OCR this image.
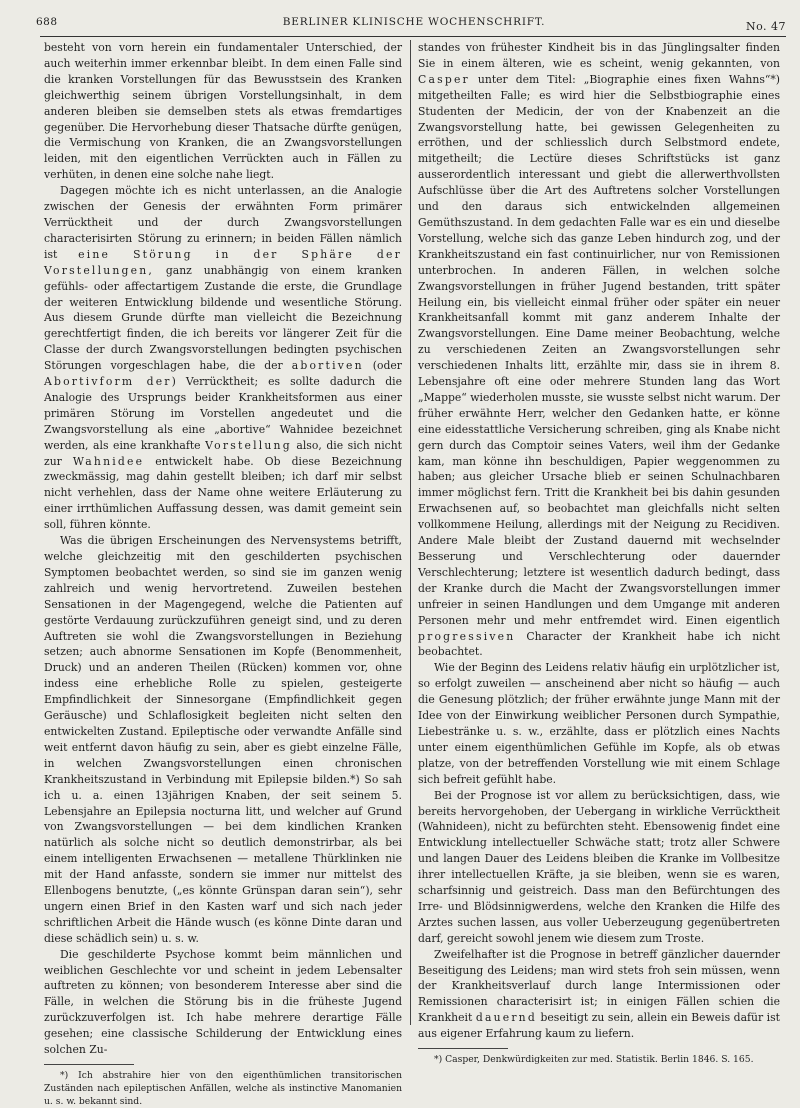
688	BERLINER KLINISCHE WOCHENSCHRIFT.	No. 47

besteht von vorn herein ein fundamentaler Unterschied, der auch weiterhin immer erkennbar bleibt. In dem einen Falle sind die kranken Vorstellungen für das Bewusstsein des Kranken gleichwerthig seinem übrigen Vorstellungsinhalt, in dem anderen bleiben sie demselben stets als etwas fremdartiges gegenüber. Die Hervorhebung dieser Thatsache dürfte genügen, die Vermischung von Kranken, die an Zwangsvorstellungen leiden, mit den eigentlichen Verrückten auch in Fällen zu verhüten, in denen eine solche nahe liegt.

Dagegen möchte ich es nicht unterlassen, an die Analogie zwischen der Genesis der erwähnten Form primärer Verrücktheit und der durch Zwangsvorstellungen characterisirten Störung zu erinnern; in beiden Fällen nämlich ist eine Störung in der Sphäre der Vorstellungen, ganz unabhängig von einem kranken gefühls- oder affectartigem Zustande die erste, die Grundlage der weiteren Entwicklung bildende und wesentliche Störung. Aus diesem Grunde dürfte man vielleicht die Bezeichnung gerechtfertigt finden, die ich bereits vor längerer Zeit für die Classe der durch Zwangsvorstellungen bedingten psychischen Störungen vorgeschlagen habe, die der abortiven (oder Abortivform der) Verrücktheit; es sollte dadurch die Analogie des Ursprungs beider Krankheitsformen aus einer primären Störung im Vorstellen angedeutet und die Zwangsvorstellung als eine „abortive“ Wahnidee bezeichnet werden, als eine krankhafte Vorstellung also, die sich nicht zur Wahnidee entwickelt habe. Ob diese Bezeichnung zweckmässig, mag dahin gestellt bleiben; ich darf mir selbst nicht verhehlen, dass der Name ohne weitere Erläuterung zu einer irrthümlichen Auffassung dessen, was damit gemeint sein soll, führen könnte.

Was die übrigen Erscheinungen des Nervensystems betrifft, welche gleichzeitig mit den geschilderten psychischen Symptomen beobachtet werden, so sind sie im ganzen wenig zahlreich und wenig hervortretend. Zuweilen bestehen Sensationen in der Magengegend, welche die Patienten auf gestörte Verdauung zurückzuführen geneigt sind, und zu deren Auftreten sie wohl die Zwangsvorstellungen in Beziehung setzen; auch abnorme Sensationen im Kopfe (Benommenheit, Druck) und an anderen Theilen (Rücken) kommen vor, ohne indess eine erhebliche Rolle zu spielen, gesteigerte Empfindlichkeit der Sinnesorgane (Empfindlichkeit gegen Geräusche) und Schlaflosigkeit begleiten nicht selten den entwickelten Zustand. Epileptische oder verwandte Anfälle sind weit entfernt davon häufig zu sein, aber es giebt einzelne Fälle, in welchen Zwangsvorstellungen einen chronischen Krankheitszustand in Verbindung mit Epilepsie bilden.*) So sah ich u. a. einen 13jährigen Knaben, der seit seinem 5. Lebensjahre an Epilepsia nocturna litt, und welcher auf Grund von Zwangsvorstellungen — bei dem kindlichen Kranken natürlich als solche nicht so deutlich demonstrirbar, als bei einem intelligenten Erwachsenen — metallene Thürklinken nie mit der Hand anfasste, sondern sie immer nur mittelst des Ellenbogens benutzte, („es könnte Grünspan daran sein“), sehr ungern einen Brief in den Kasten warf und sich nach jeder schriftlichen Arbeit die Hände wusch (es könne Dinte daran und diese schädlich sein) u. s. w.

Die geschilderte Psychose kommt beim männlichen und weiblichen Geschlechte vor und scheint in jedem Lebensalter auftreten zu können; von besonderem Interesse aber sind die Fälle, in welchen die Störung bis in die früheste Jugend zurückzuverfolgen ist. Ich habe mehrere derartige Fälle gesehen; eine classische Schilderung der Entwicklung eines solchen Zu-

*) Ich abstrahire hier von den eigenthümlichen transitorischen Zuständen nach epileptischen Anfällen, welche als instinctive Manomanien u. s. w. bekannt sind.

standes von frühester Kindheit bis in das Jünglingsalter finden Sie in einem älteren, wie es scheint, wenig gekannten, von Casper unter dem Titel: „Biographie eines fixen Wahns“*) mitgetheilten Falle; es wird hier die Selbstbiographie eines Studenten der Medicin, der von der Knabenzeit an die Zwangsvorstellung hatte, bei gewissen Gelegenheiten zu erröthen, und der schliesslich durch Selbstmord endete, mitgetheilt; die Lectüre dieses Schriftstücks ist ganz ausserordentlich interessant und giebt die allerwerthvollsten Aufschlüsse über die Art des Auftretens solcher Vorstellungen und den daraus sich entwickelnden allgemeinen Gemüthszustand. In dem gedachten Falle war es ein und dieselbe Vorstellung, welche sich das ganze Leben hindurch zog, und der Krankheitszustand ein fast continuirlicher, nur von Remissionen unterbrochen. In anderen Fällen, in welchen solche Zwangsvorstellungen in früher Jugend bestanden, tritt später Heilung ein, bis vielleicht einmal früher oder später ein neuer Krankheitsanfall kommt mit ganz anderem Inhalte der Zwangsvorstellungen. Eine Dame meiner Beobachtung, welche zu verschiedenen Zeiten an Zwangsvorstellungen sehr verschiedenen Inhalts litt, erzählte mir, dass sie in ihrem 8. Lebensjahre oft eine oder mehrere Stunden lang das Wort „Mappe“ wiederholen musste, sie wusste selbst nicht warum. Der früher erwähnte Herr, welcher den Gedanken hatte, er könne eine eidesstattliche Versicherung schreiben, ging als Knabe nicht gern durch das Comptoir seines Vaters, weil ihm der Gedanke kam, man könne ihn beschuldigen, Papier weggenommen zu haben; aus gleicher Ursache blieb er seinen Schulnachbaren immer möglichst fern. Tritt die Krankheit bei bis dahin gesunden Erwachsenen auf, so beobachtet man gleichfalls nicht selten vollkommene Heilung, allerdings mit der Neigung zu Recidiven. Andere Male bleibt der Zustand dauernd mit wechselnder Besserung und Verschlechterung oder dauernder Verschlechterung; letztere ist wesentlich dadurch bedingt, dass der Kranke durch die Macht der Zwangsvorstellungen immer unfreier in seinen Handlungen und dem Umgange mit anderen Personen mehr und mehr entfremdet wird. Einen eigentlich progressiven Character der Krankheit habe ich nicht beobachtet.

Wie der Beginn des Leidens relativ häufig ein urplötzlicher ist, so erfolgt zuweilen — anscheinend aber nicht so häufig — auch die Genesung plötzlich; der früher erwähnte junge Mann mit der Idee von der Einwirkung weiblicher Personen durch Sympathie, Liebestränke u. s. w., erzählte, dass er plötzlich eines Nachts unter einem eigenthümlichen Gefühle im Kopfe, als ob etwas platze, von der betreffenden Vorstellung wie mit einem Schlage sich befreit gefühlt habe.

Bei der Prognose ist vor allem zu berücksichtigen, dass, wie bereits hervorgehoben, der Uebergang in wirkliche Verrücktheit (Wahnideen), nicht zu befürchten steht. Ebensowenig findet eine Entwicklung intellectueller Schwäche statt; trotz aller Schwere und langen Dauer des Leidens bleiben die Kranke im Vollbesitze ihrer intellectuellen Kräfte, ja sie bleiben, wenn sie es waren, scharfsinnig und geistreich. Dass man den Befürchtungen des Irre- und Blödsinnigwerdens, welche den Kranken die Hilfe des Arztes suchen lassen, aus voller Ueberzeugung gegenübertreten darf, gereicht sowohl jenem wie diesem zum Troste.

Zweifelhafter ist die Prognose in betreff gänzlicher dauernder Beseitigung des Leidens; man wird stets froh sein müssen, wenn der Krankheitsverlauf durch lange Intermissionen oder Remissionen characterisirt ist; in einigen Fällen schien die Krankheit dauernd beseitigt zu sein, allein ein Beweis dafür ist aus eigener Erfahrung kaum zu liefern.

*) Casper, Denkwürdigkeiten zur med. Statistik. Berlin 1846. S. 165.
